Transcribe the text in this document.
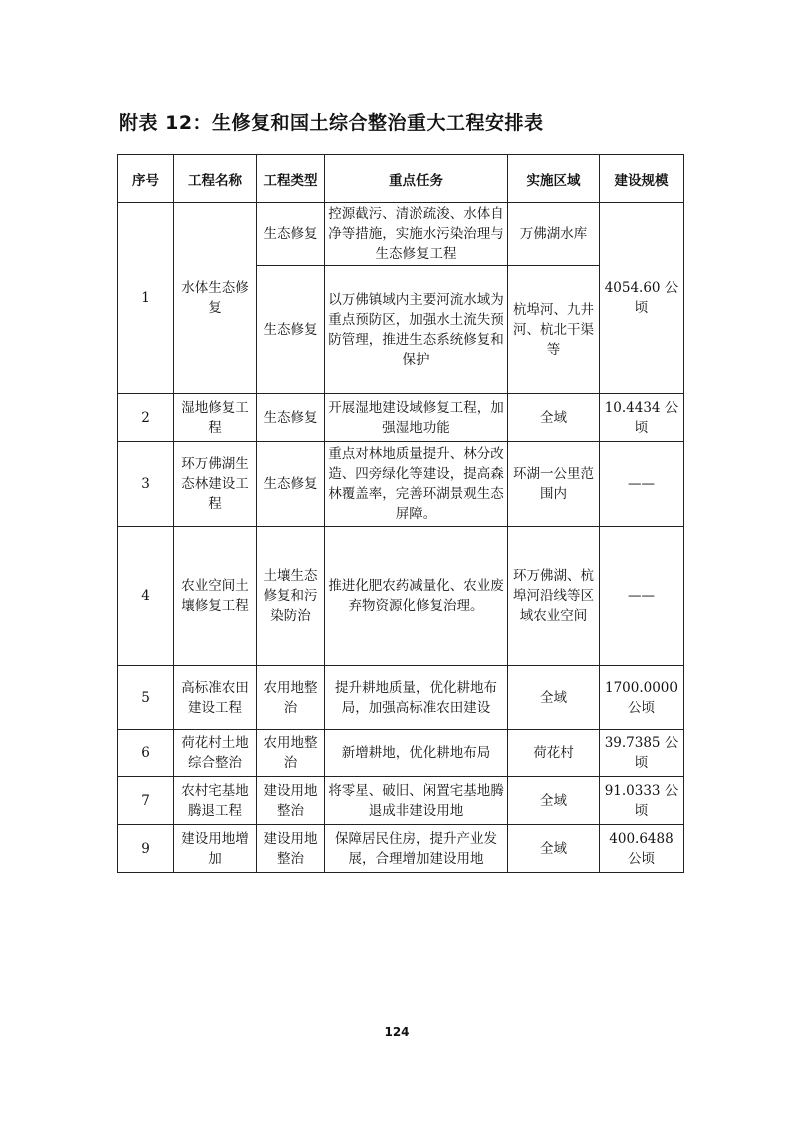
附表 12：生修复和国土综合整治重大工程安排表
序号	工程名称	工程类型	重点任务	实施区域	建设规模
1	水体生态修复	生态修复	控源截污、清淤疏浚、水体自净等措施，实施水污染治理与生态修复工程	万佛湖水库	4054.60 公顷
		生态修复	以万佛镇域内主要河流水域为重点预防区，加强水土流失预防管理，推进生态系统修复和保护	杭埠河、九井河、杭北干渠等	
2	湿地修复工程	生态修复	开展湿地建设域修复工程，加强湿地功能	全域	10.4434 公顷
3	环万佛湖生态林建设工程	生态修复	重点对林地质量提升、林分改造、四旁绿化等建设，提高森林覆盖率，完善环湖景观生态屏障。	环湖一公里范围内	——
4	农业空间土壤修复工程	土壤生态修复和污染防治	推进化肥农药减量化、农业废弃物资源化修复治理。	环万佛湖、杭埠河沿线等区域农业空间	——
5	高标准农田建设工程	农用地整治	提升耕地质量，优化耕地布局，加强高标准农田建设	全域	1700.0000 公顷
6	荷花村土地综合整治	农用地整治	新增耕地，优化耕地布局	荷花村	39.7385 公顷
7	农村宅基地腾退工程	建设用地整治	将零星、破旧、闲置宅基地腾退成非建设用地	全域	91.0333 公顷
9	建设用地增加	建设用地整治	保障居民住房，提升产业发展，合理增加建设用地	全域	400.6488 公顷
124
